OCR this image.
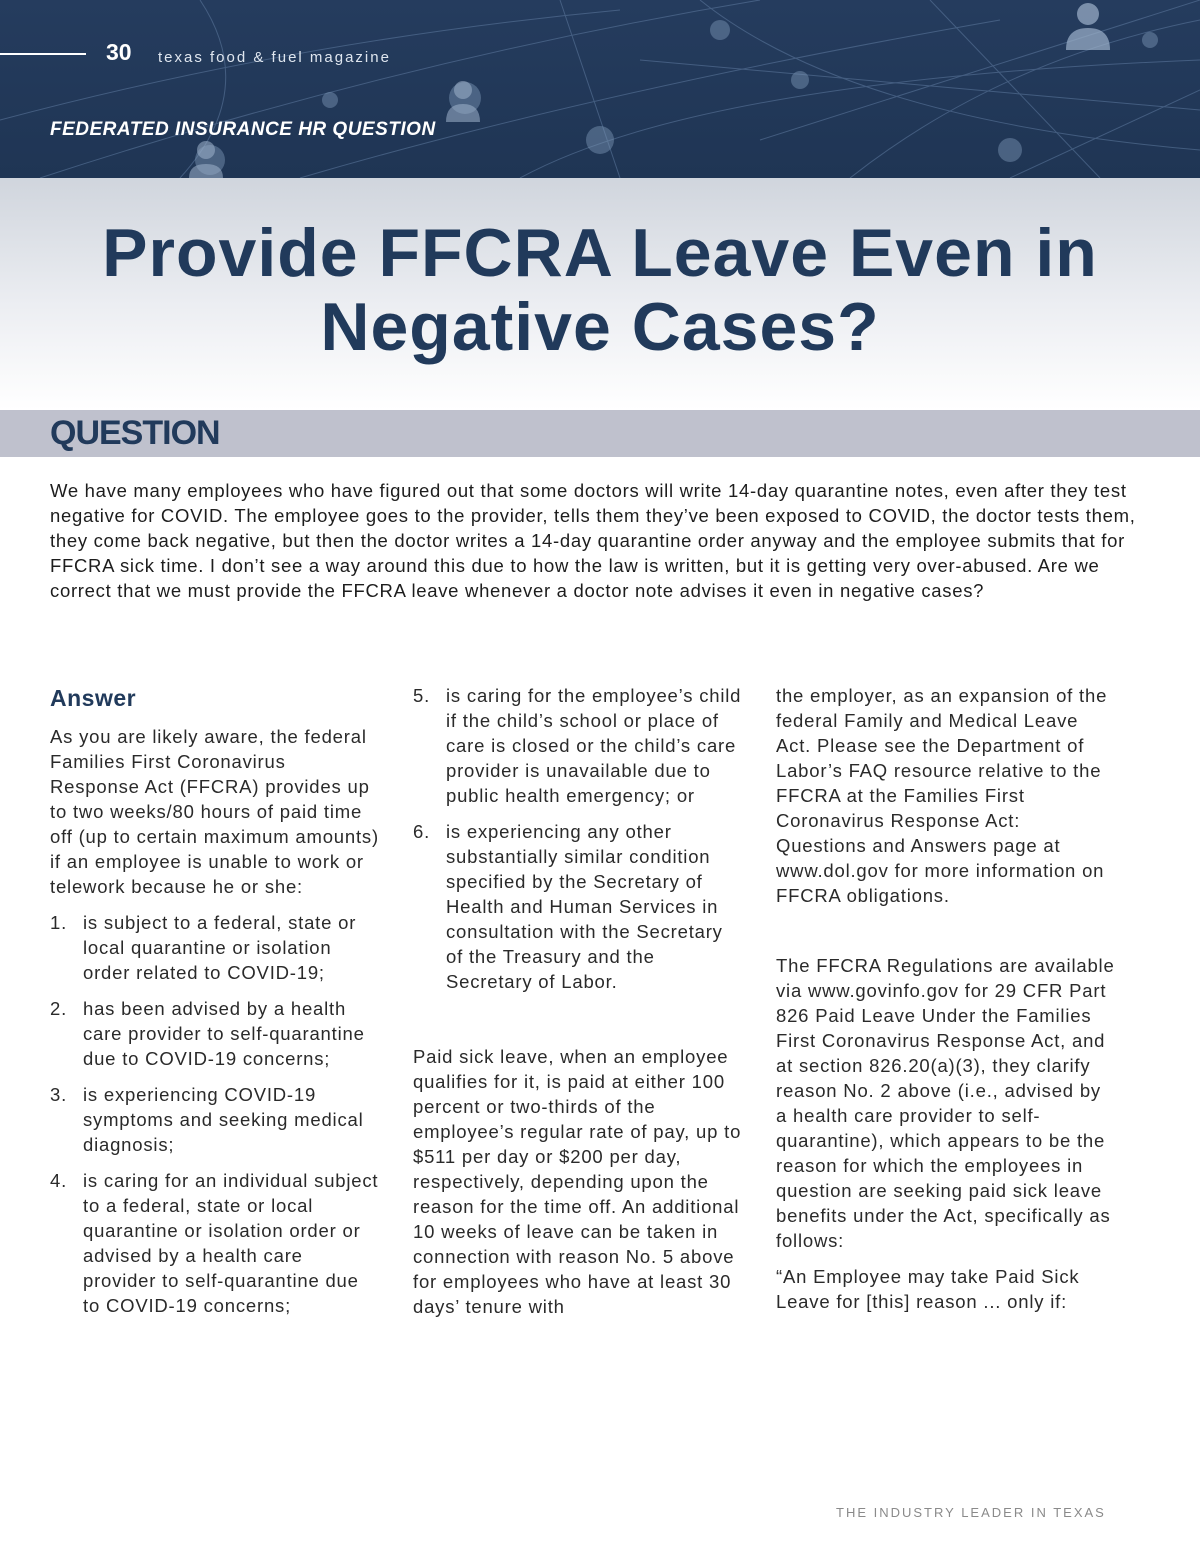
30 texas food & fuel magazine
FEDERATED INSURANCE HR QUESTION
Provide FFCRA Leave Even in Negative Cases?
QUESTION

We have many employees who have figured out that some doctors will write 14-day quarantine notes, even after they test negative for COVID. The employee goes to the provider, tells them they’ve been exposed to COVID, the doctor tests them, they come back negative, but then the doctor writes a 14-day quarantine order anyway and the employee submits that for FFCRA sick time. I don’t see a way around this due to how the law is written, but it is getting very over-abused. Are we correct that we must provide the FFCRA leave whenever a doctor note advises it even in negative cases?

Answer

As you are likely aware, the federal Families First Coronavirus Response Act (FFCRA) provides up to two weeks/80 hours of paid time off (up to certain maximum amounts) if an employee is unable to work or telework because he or she:

1. is subject to a federal, state or local quarantine or isolation order related to COVID-19;
2. has been advised by a health care provider to self-quarantine due to COVID-19 concerns;
3. is experiencing COVID-19 symptoms and seeking medical diagnosis;
4. is caring for an individual subject to a federal, state or local quarantine or isolation order or advised by a health care provider to self-quarantine due to COVID-19 concerns;
5. is caring for the employee’s child if the child’s school or place of care is closed or the child’s care provider is unavailable due to public health emergency; or
6. is experiencing any other substantially similar condition specified by the Secretary of Health and Human Services in consultation with the Secretary of the Treasury and the Secretary of Labor.

Paid sick leave, when an employee qualifies for it, is paid at either 100 percent or two-thirds of the employee’s regular rate of pay, up to $511 per day or $200 per day, respectively, depending upon the reason for the time off. An additional 10 weeks of leave can be taken in connection with reason No. 5 above for employees who have at least 30 days’ tenure with

the employer, as an expansion of the federal Family and Medical Leave Act. Please see the Department of Labor’s FAQ resource relative to the FFCRA at the Families First Coronavirus Response Act: Questions and Answers page at www.dol.gov for more information on FFCRA obligations.

The FFCRA Regulations are available via www.govinfo.gov for 29 CFR Part 826 Paid Leave Under the Families First Coronavirus Response Act, and at section 826.20(a)(3), they clarify reason No. 2 above (i.e., advised by a health care provider to self-quarantine), which appears to be the reason for which the employees in question are seeking paid sick leave benefits under the Act, specifically as follows:

“An Employee may take Paid Sick Leave for [this] reason ... only if:

THE INDUSTRY LEADER IN TEXAS
